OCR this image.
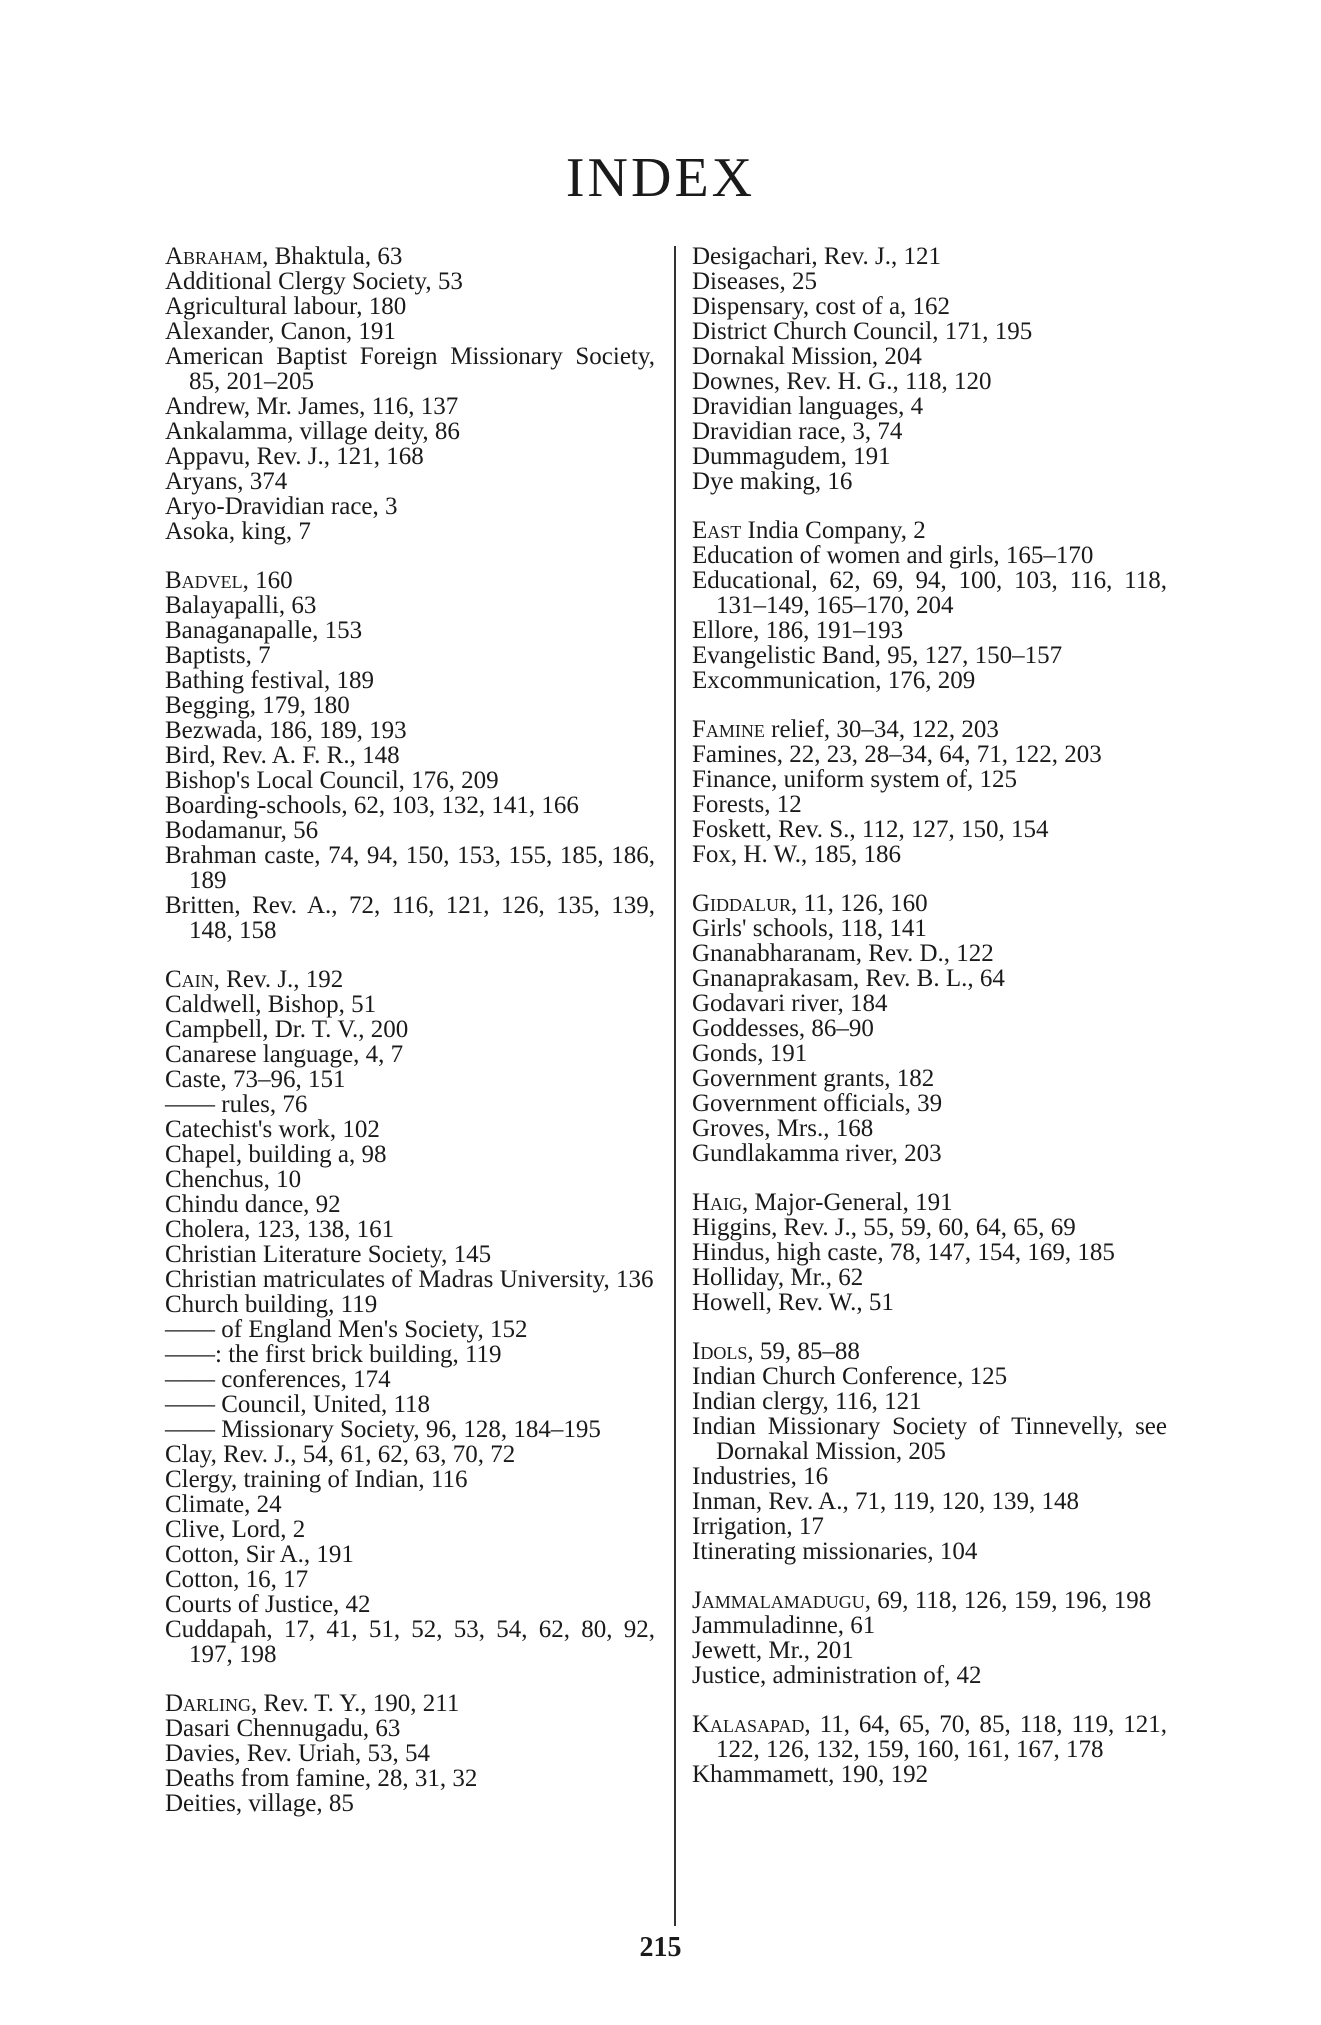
INDEX
Abraham, Bhaktula, 63
Additional Clergy Society, 53
Agricultural labour, 180
Alexander, Canon, 191
American Baptist Foreign Missionary Society, 85, 201–205
Andrew, Mr. James, 116, 137
Ankalamma, village deity, 86
Appavu, Rev. J., 121, 168
Aryans, 374
Aryo-Dravidian race, 3
Asoka, king, 7
Badvel, 160
Balayapalli, 63
Banaganapalle, 153
Baptists, 7
Bathing festival, 189
Begging, 179, 180
Bezwada, 186, 189, 193
Bird, Rev. A. F. R., 148
Bishop's Local Council, 176, 209
Boarding-schools, 62, 103, 132, 141, 166
Bodamanur, 56
Brahman caste, 74, 94, 150, 153, 155, 185, 186, 189
Britten, Rev. A., 72, 116, 121, 126, 135, 139, 148, 158
Cain, Rev. J., 192
Caldwell, Bishop, 51
Campbell, Dr. T. V., 200
Canarese language, 4, 7
Caste, 73–96, 151
—— rules, 76
Catechist's work, 102
Chapel, building a, 98
Chenchus, 10
Chindu dance, 92
Cholera, 123, 138, 161
Christian Literature Society, 145
Christian matriculates of Madras University, 136
Church building, 119
—— of England Men's Society, 152
——: the first brick building, 119
—— conferences, 174
—— Council, United, 118
—— Missionary Society, 96, 128, 184–195
Clay, Rev. J., 54, 61, 62, 63, 70, 72
Clergy, training of Indian, 116
Climate, 24
Clive, Lord, 2
Cotton, Sir A., 191
Cotton, 16, 17
Courts of Justice, 42
Cuddapah, 17, 41, 51, 52, 53, 54, 62, 80, 92, 197, 198
Darling, Rev. T. Y., 190, 211
Dasari Chennugadu, 63
Davies, Rev. Uriah, 53, 54
Deaths from famine, 28, 31, 32
Deities, village, 85
Desigachari, Rev. J., 121
Diseases, 25
Dispensary, cost of a, 162
District Church Council, 171, 195
Dornakal Mission, 204
Downes, Rev. H. G., 118, 120
Dravidian languages, 4
Dravidian race, 3, 74
Dummagudem, 191
Dye making, 16
East India Company, 2
Education of women and girls, 165–170
Educational, 62, 69, 94, 100, 103, 116, 118, 131–149, 165–170, 204
Ellore, 186, 191–193
Evangelistic Band, 95, 127, 150–157
Excommunication, 176, 209
Famine relief, 30–34, 122, 203
Famines, 22, 23, 28–34, 64, 71, 122, 203
Finance, uniform system of, 125
Forests, 12
Foskett, Rev. S., 112, 127, 150, 154
Fox, H. W., 185, 186
Giddalur, 11, 126, 160
Girls' schools, 118, 141
Gnanabharanam, Rev. D., 122
Gnanaprakasam, Rev. B. L., 64
Godavari river, 184
Goddesses, 86–90
Gonds, 191
Government grants, 182
Government officials, 39
Groves, Mrs., 168
Gundlakamma river, 203
Haig, Major-General, 191
Higgins, Rev. J., 55, 59, 60, 64, 65, 69
Hindus, high caste, 78, 147, 154, 169, 185
Holliday, Mr., 62
Howell, Rev. W., 51
Idols, 59, 85–88
Indian Church Conference, 125
Indian clergy, 116, 121
Indian Missionary Society of Tinnevelly, see Dornakal Mission, 205
Industries, 16
Inman, Rev. A., 71, 119, 120, 139, 148
Irrigation, 17
Itinerating missionaries, 104
Jammalamadugu, 69, 118, 126, 159, 196, 198
Jammuladinne, 61
Jewett, Mr., 201
Justice, administration of, 42
Kalasapad, 11, 64, 65, 70, 85, 118, 119, 121, 122, 126, 132, 159, 160, 161, 167, 178
Khammamett, 190, 192
215
